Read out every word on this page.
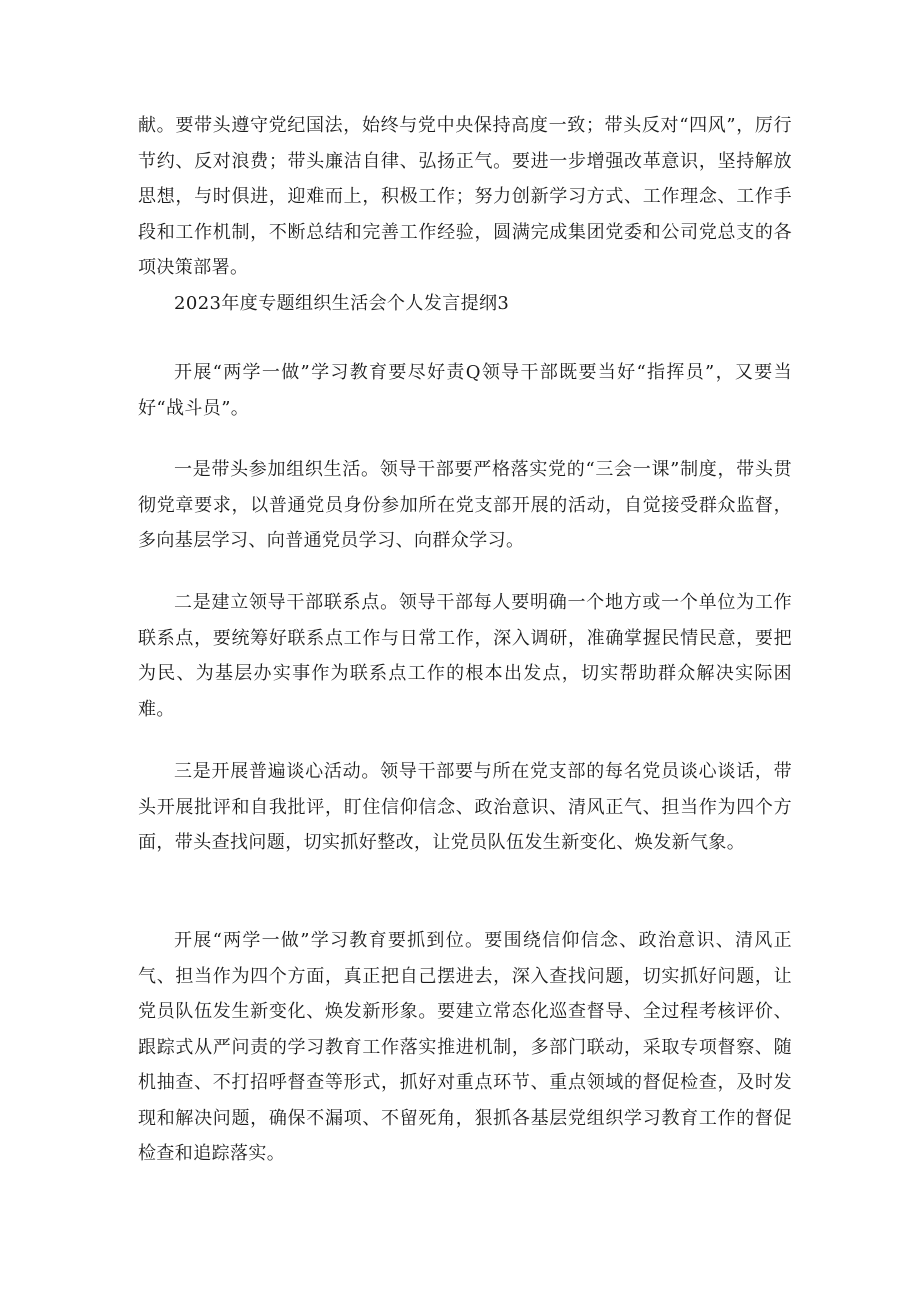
献。要带头遵守党纪国法，始终与党中央保持高度一致；带头反对“四风”，厉行节约、反对浪费；带头廉洁自律、弘扬正气。要进一步增强改革意识，坚持解放思想，与时俱进，迎难而上，积极工作；努力创新学习方式、工作理念、工作手段和工作机制，不断总结和完善工作经验，圆满完成集团党委和公司党总支的各项决策部署。

2023年度专题组织生活会个人发言提纲3

开展“两学一做”学习教育要尽好责Q领导干部既要当好“指挥员”，又要当好“战斗员”。

一是带头参加组织生活。领导干部要严格落实党的“三会一课”制度，带头贯彻党章要求，以普通党员身份参加所在党支部开展的活动，自觉接受群众监督，多向基层学习、向普通党员学习、向群众学习。

二是建立领导干部联系点。领导干部每人要明确一个地方或一个单位为工作联系点，要统筹好联系点工作与日常工作，深入调研，准确掌握民情民意，要把为民、为基层办实事作为联系点工作的根本出发点，切实帮助群众解决实际困难。

三是开展普遍谈心活动。领导干部要与所在党支部的每名党员谈心谈话，带头开展批评和自我批评，盯住信仰信念、政治意识、清风正气、担当作为四个方面，带头查找问题，切实抓好整改，让党员队伍发生新变化、焕发新气象。

开展“两学一做”学习教育要抓到位。要围绕信仰信念、政治意识、清风正气、担当作为四个方面，真正把自己摆进去，深入查找问题，切实抓好问题，让党员队伍发生新变化、焕发新形象。要建立常态化巡查督导、全过程考核评价、跟踪式从严问责的学习教育工作落实推进机制，多部门联动，采取专项督察、随机抽查、不打招呼督查等形式，抓好对重点环节、重点领域的督促检查，及时发现和解决问题，确保不漏项、不留死角，狠抓各基层党组织学习教育工作的督促检查和追踪落实。
